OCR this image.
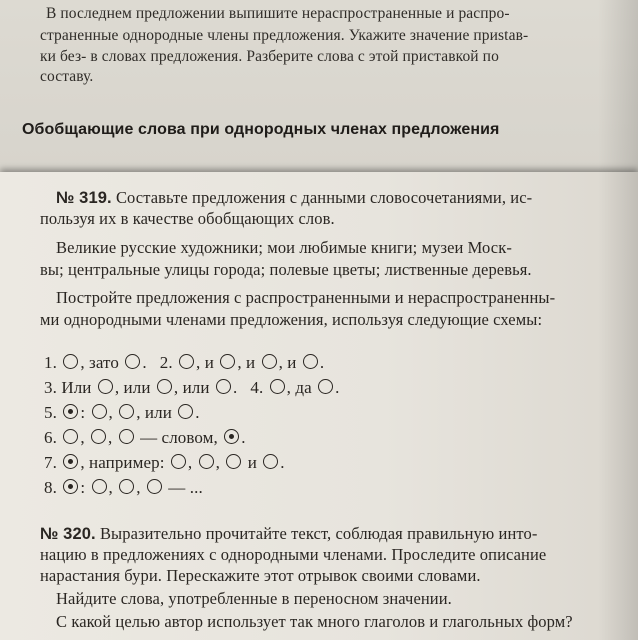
В последнем предложении выпишите нераспространенные и распро-
страненные однородные члены предложения. Укажите значение приstав-
ки без- в словах предложения. Разберите слова с этой приставкой по
составу.
Обобщающие слова при однородных членах предложения
№ 319. Составьте предложения с данными словосочетаниями, ис-
пользуя их в качестве обобщающих слов.
Великие русские художники; мои любимые книги; музеи Моск-
вы; центральные улицы города; полевые цветы; лиственные деревья.
Постройте предложения с распространенными и нераспространенны-
ми однородными членами предложения, используя следующие схемы:
1. , зато . 2. , и , и , и .
3. Или , или , или . 4. , да .
5. : , , или .
6. , , — словом, .
7. , например: , , и .
8. : , , — ...
№ 320. Выразительно прочитайте текст, соблюдая правильную инто-
нацию в предложениях с однородными членами. Проследите описание
нарастания бури. Перескажите этот отрывок своими словами.
Найдите слова, употребленные в переносном значении.
С какой целью автор использует так много глаголов и глагольных форм?
